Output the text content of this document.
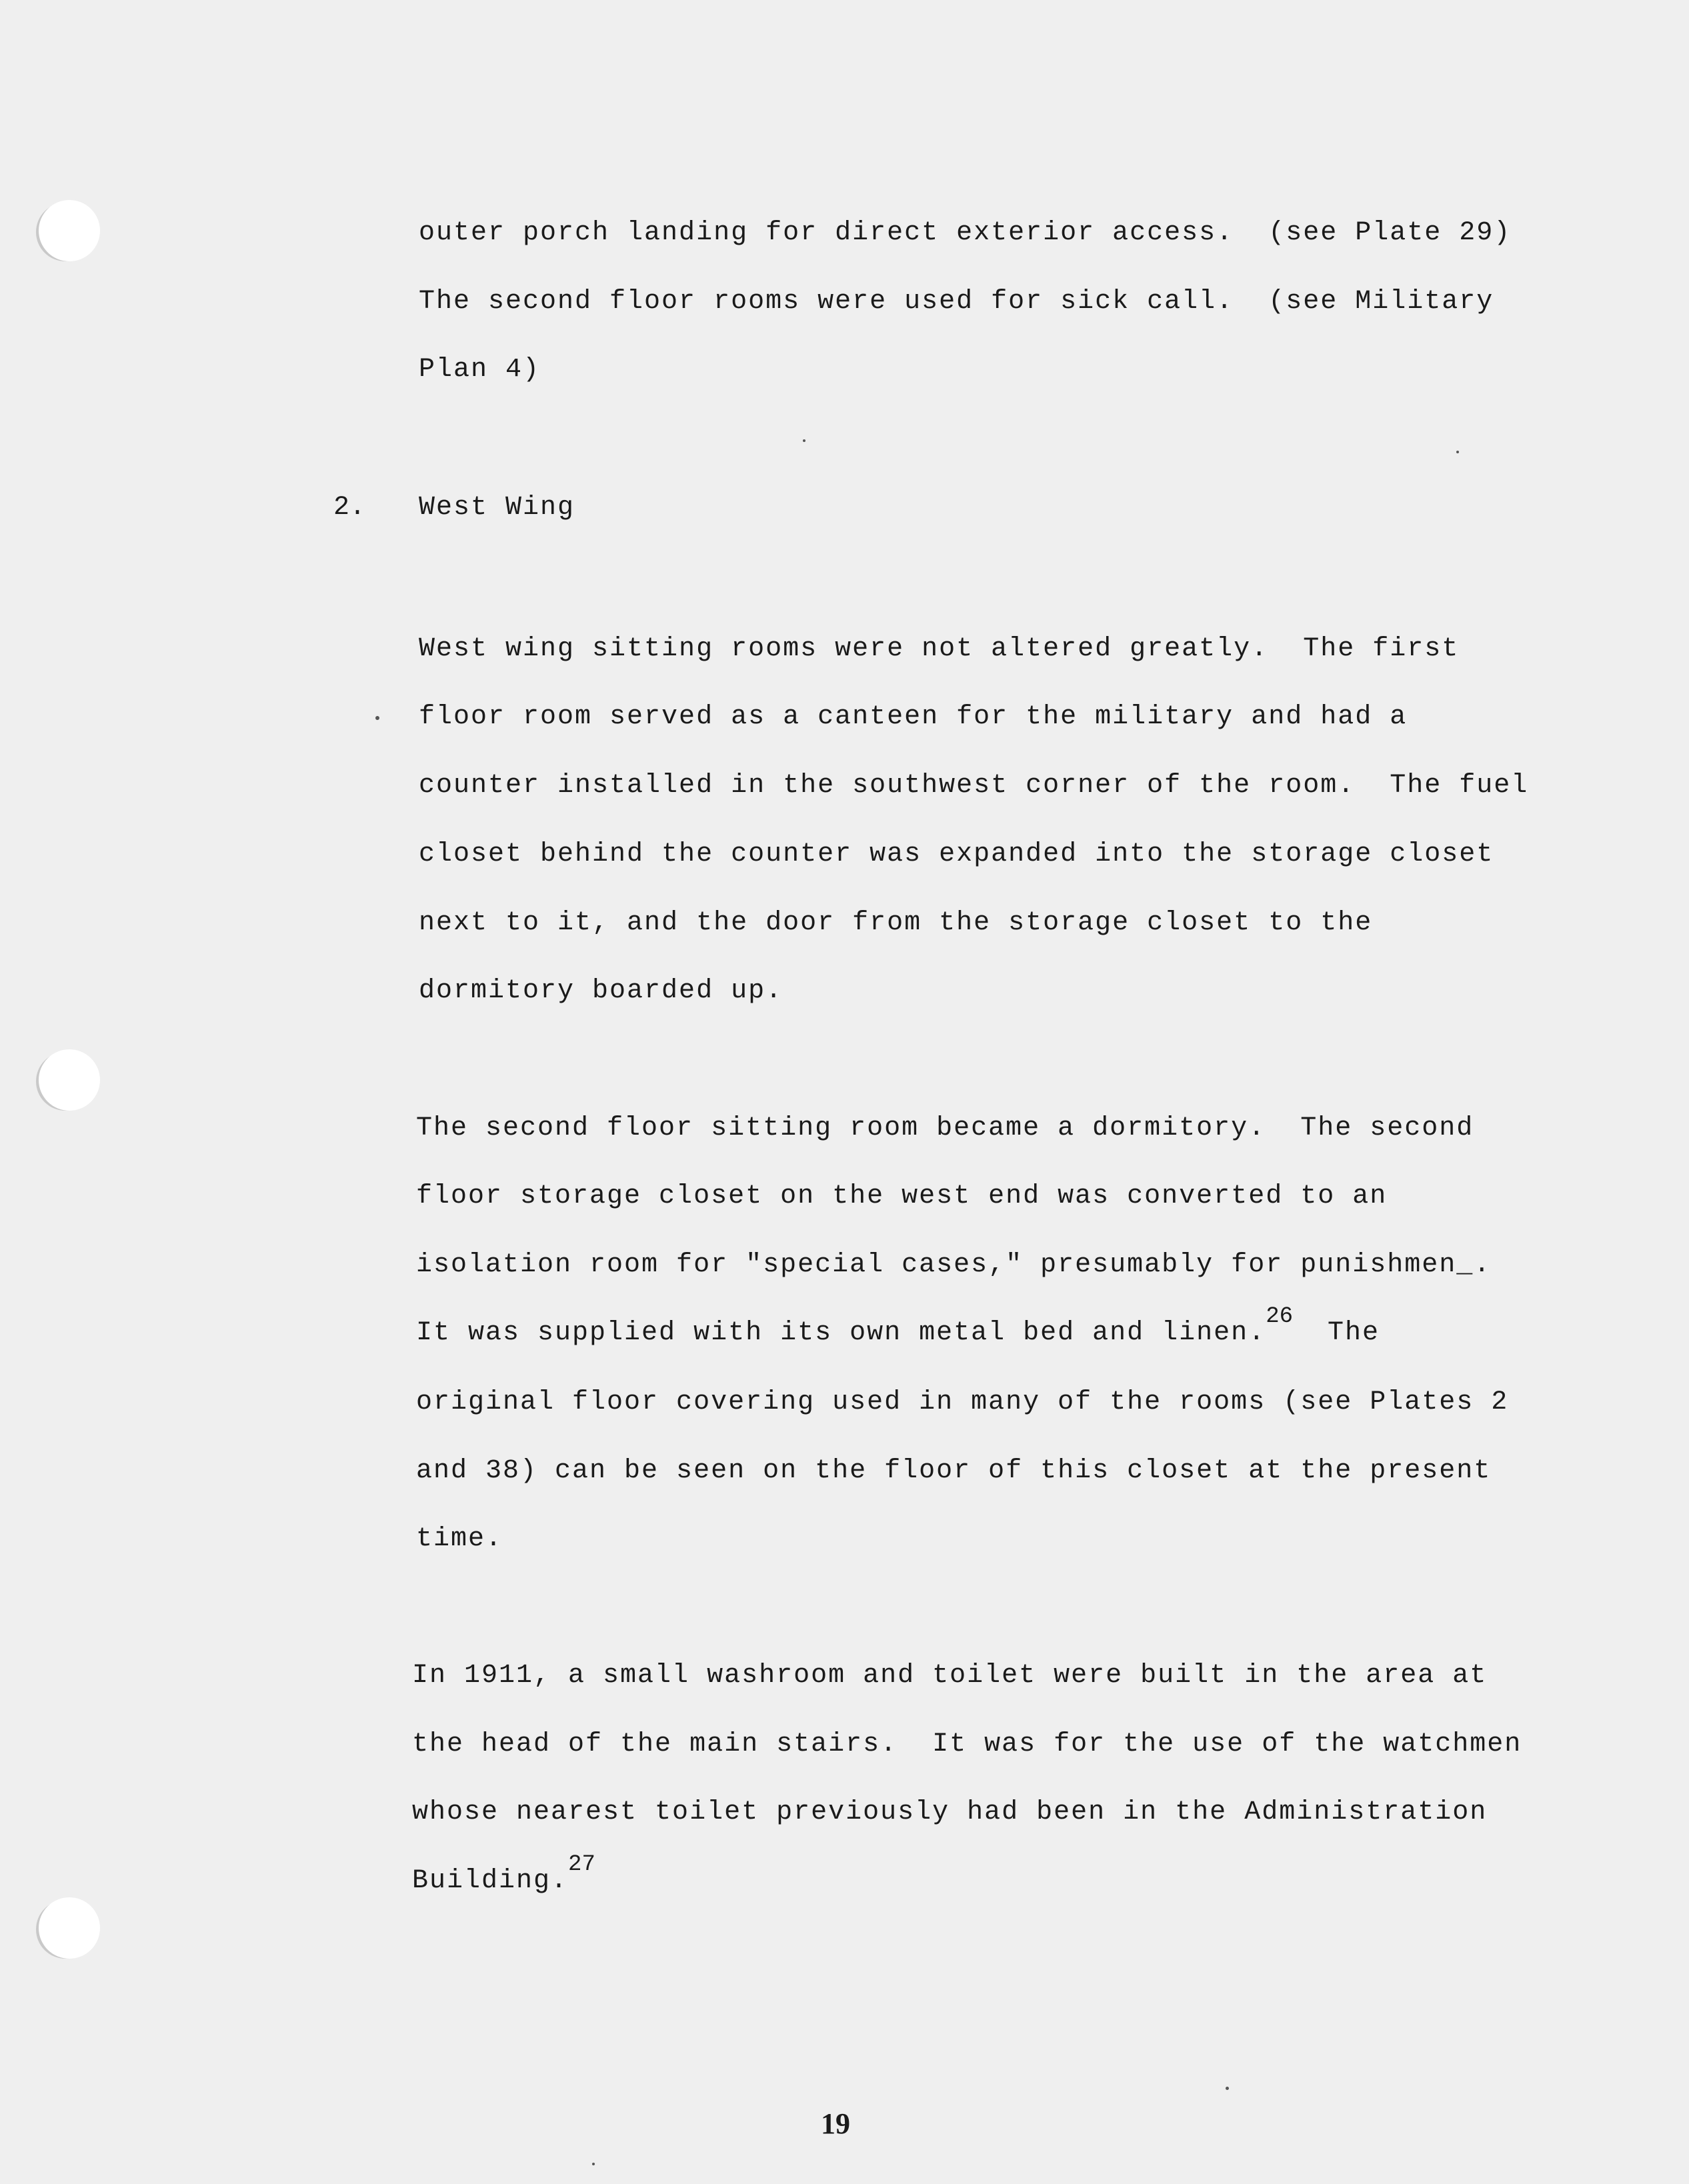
outer porch landing for direct exterior access.  (see Plate 29)
The second floor rooms were used for sick call.  (see Military
Plan 4)
2. West Wing
West wing sitting rooms were not altered greatly.  The first
floor room served as a canteen for the military and had a
counter installed in the southwest corner of the room.  The fuel
closet behind the counter was expanded into the storage closet
next to it, and the door from the storage closet to the
dormitory boarded up.
The second floor sitting room became a dormitory.  The second
floor storage closet on the west end was converted to an
isolation room for "special cases," presumably for punishmen_.
It was supplied with its own metal bed and linen.$^{26}$  The
original floor covering used in many of the rooms (see Plates 2
and 38) can be seen on the floor of this closet at the present
time.
In 1911, a small washroom and toilet were built in the area at
the head of the main stairs.  It was for the use of the watchmen
whose nearest toilet previously had been in the Administration
Building.$^{27}$
19
